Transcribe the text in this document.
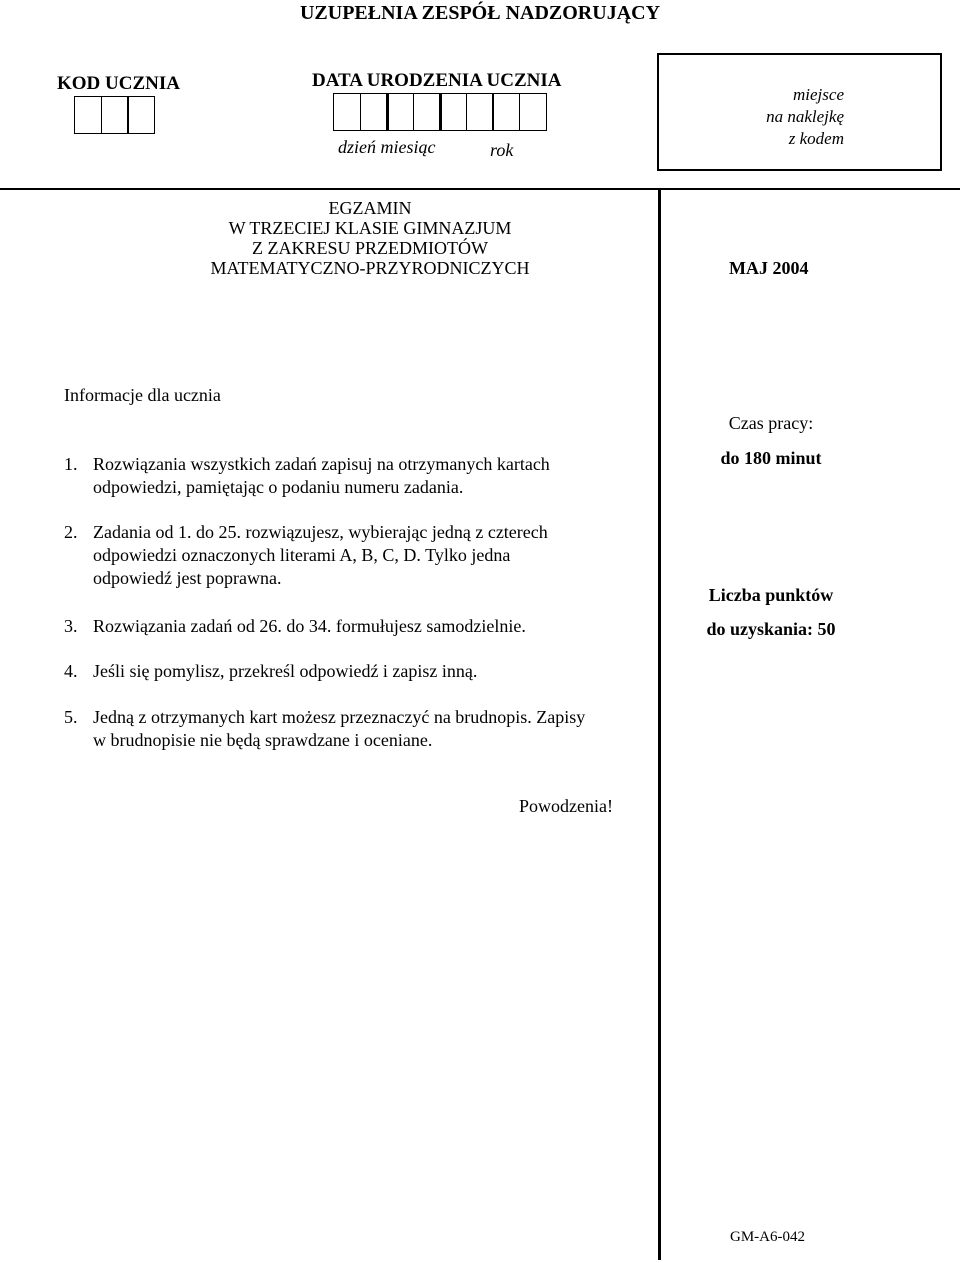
UZUPEŁNIA ZESPÓŁ NADZORUJĄCY
KOD UCZNIA	DATA URODZENIA UCZNIA
dzień miesiąc	rok
miejsce
na naklejkę
z kodem
EGZAMIN
W TRZECIEJ KLASIE GIMNAZJUM
Z ZAKRESU PRZEDMIOTÓW
MATEMATYCZNO-PRZYRODNICZYCH	MAJ 2004
Informacje dla ucznia
1. Rozwiązania wszystkich zadań zapisuj na otrzymanych kartach
odpowiedzi, pamiętając o podaniu numeru zadania.
2. Zadania od 1. do 25. rozwiązujesz, wybierając jedną z czterech
odpowiedzi oznaczonych literami A, B, C, D. Tylko jedna
odpowiedź jest poprawna.
3. Rozwiązania zadań od 26. do 34. formułujesz samodzielnie.
4. Jeśli się pomylisz, przekreśl odpowiedź i zapisz inną.
5. Jedną z otrzymanych kart możesz przeznaczyć na brudnopis. Zapisy
w brudnopisie nie będą sprawdzane i oceniane.
Czas pracy:
do 180 minut
Liczba punktów
do uzyskania: 50
Powodzenia!
GM-A6-042
